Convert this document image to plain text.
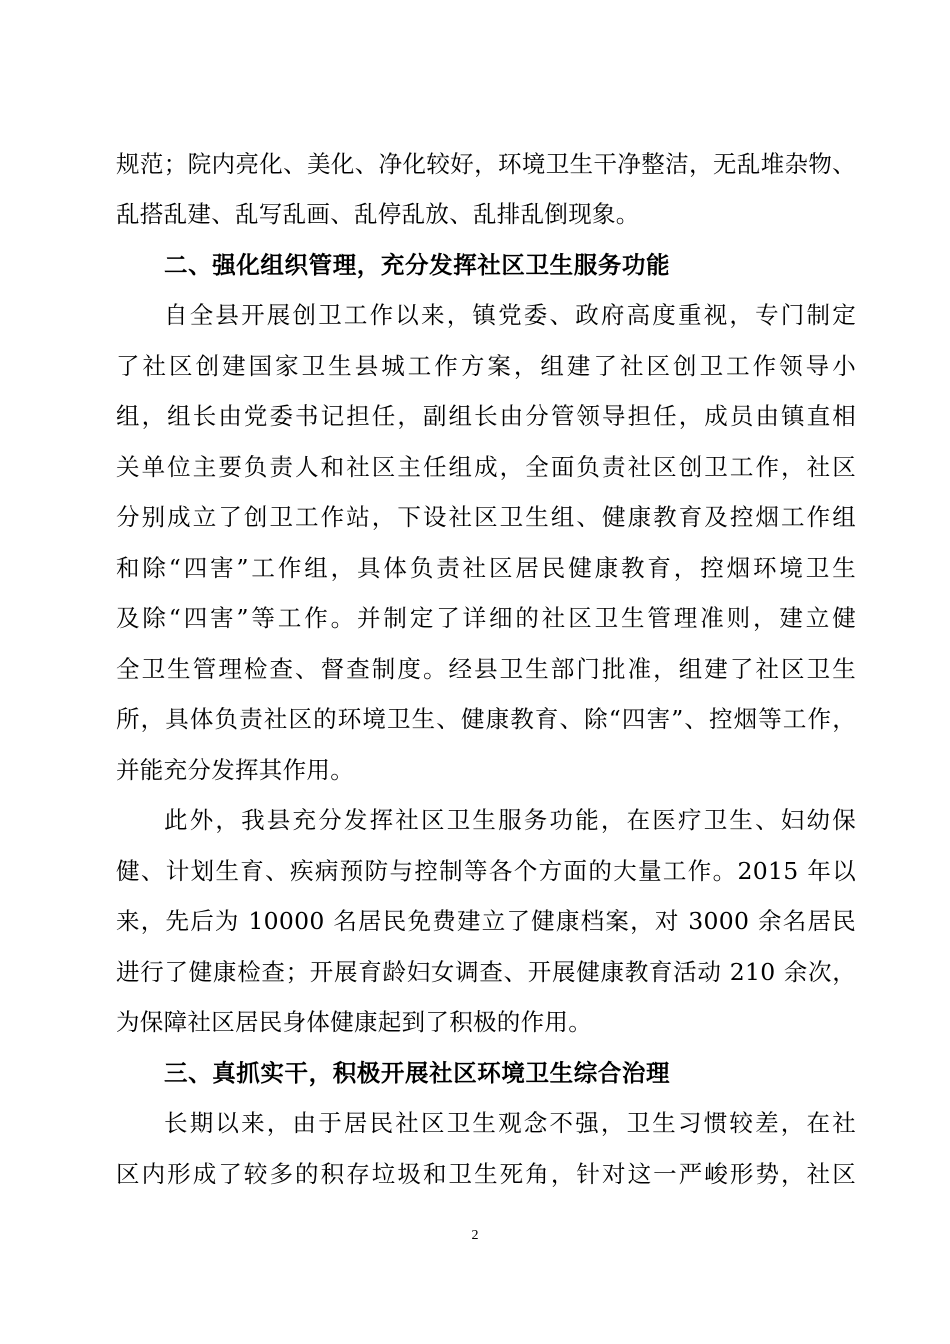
规范；院内亮化、美化、净化较好，环境卫生干净整洁，无乱堆杂物、
乱搭乱建、乱写乱画、乱停乱放、乱排乱倒现象。
二、强化组织管理，充分发挥社区卫生服务功能
自全县开展创卫工作以来，镇党委、政府高度重视，专门制定
了社区创建国家卫生县城工作方案，组建了社区创卫工作领导小
组，组长由党委书记担任，副组长由分管领导担任，成员由镇直相
关单位主要负责人和社区主任组成，全面负责社区创卫工作，社区
分别成立了创卫工作站，下设社区卫生组、健康教育及控烟工作组
和除“四害”工作组，具体负责社区居民健康教育，控烟环境卫生
及除“四害”等工作。并制定了详细的社区卫生管理准则，建立健
全卫生管理检查、督查制度。经县卫生部门批准，组建了社区卫生
所，具体负责社区的环境卫生、健康教育、除“四害”、控烟等工作，
并能充分发挥其作用。
此外，我县充分发挥社区卫生服务功能，在医疗卫生、妇幼保
健、计划生育、疾病预防与控制等各个方面的大量工作。2015 年以
来，先后为 10000 名居民免费建立了健康档案，对 3000 余名居民
进行了健康检查；开展育龄妇女调查、开展健康教育活动 210 余次，
为保障社区居民身体健康起到了积极的作用。
三、真抓实干，积极开展社区环境卫生综合治理
长期以来，由于居民社区卫生观念不强，卫生习惯较差，在社
区内形成了较多的积存垃圾和卫生死角，针对这一严峻形势，社区
2
